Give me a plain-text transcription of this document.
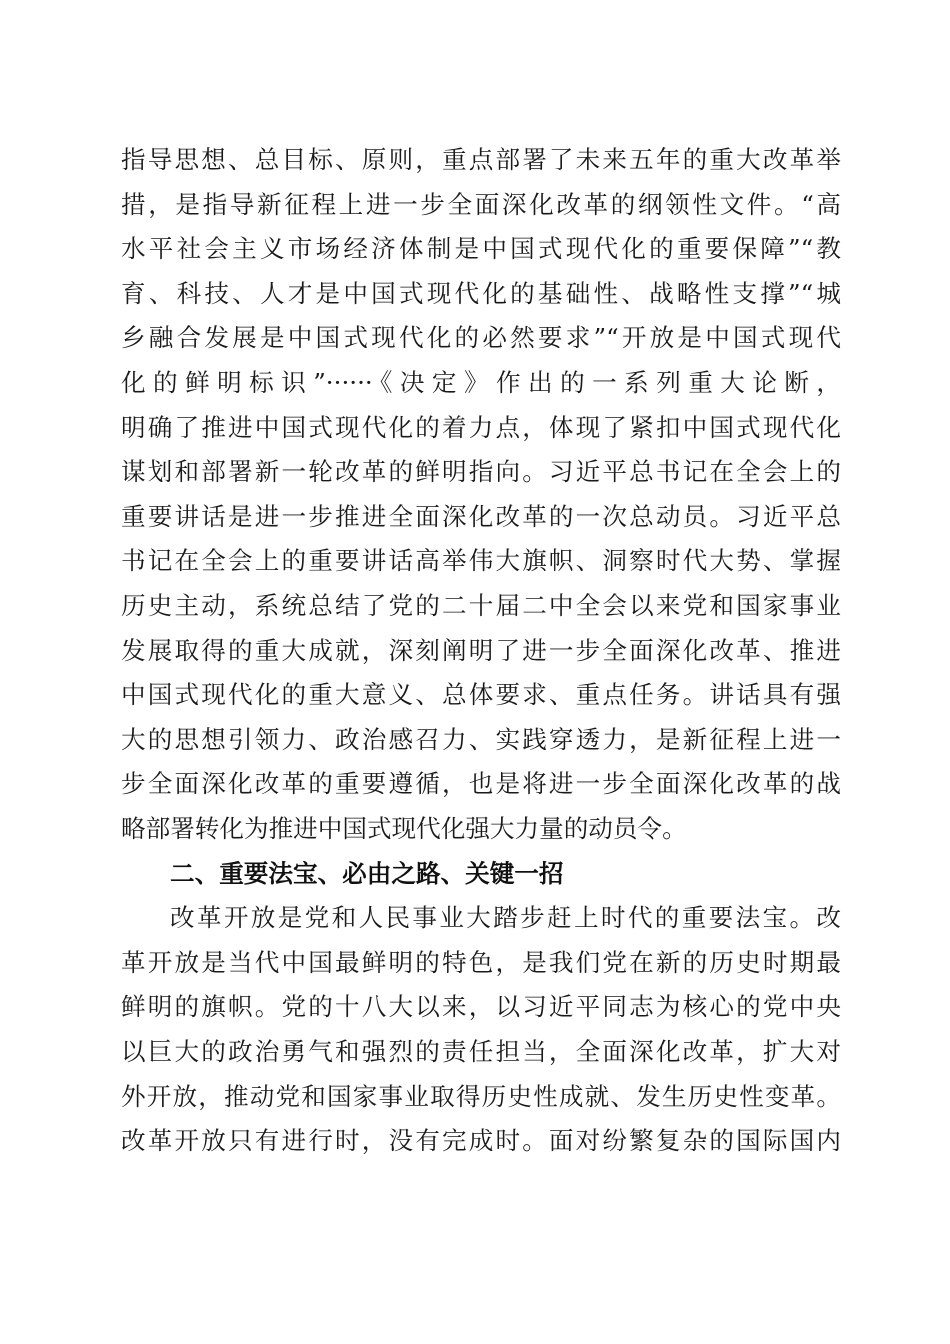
指导思想、总目标、原则，重点部署了未来五年的重大改革举
措，是指导新征程上进一步全面深化改革的纲领性文件。“高
水平社会主义市场经济体制是中国式现代化的重要保障”“教
育、科技、人才是中国式现代化的基础性、战略性支撑”“城
乡融合发展是中国式现代化的必然要求”“开放是中国式现代
化的鲜明标识”······《决定》作出的一系列重大论断，
明确了推进中国式现代化的着力点，体现了紧扣中国式现代化
谋划和部署新一轮改革的鲜明指向。习近平总书记在全会上的
重要讲话是进一步推进全面深化改革的一次总动员。习近平总
书记在全会上的重要讲话高举伟大旗帜、洞察时代大势、掌握
历史主动，系统总结了党的二十届二中全会以来党和国家事业
发展取得的重大成就，深刻阐明了进一步全面深化改革、推进
中国式现代化的重大意义、总体要求、重点任务。讲话具有强
大的思想引领力、政治感召力、实践穿透力，是新征程上进一
步全面深化改革的重要遵循，也是将进一步全面深化改革的战
略部署转化为推进中国式现代化强大力量的动员令。
二、重要法宝、必由之路、关键一招
改革开放是党和人民事业大踏步赶上时代的重要法宝。改
革开放是当代中国最鲜明的特色，是我们党在新的历史时期最
鲜明的旗帜。党的十八大以来，以习近平同志为核心的党中央
以巨大的政治勇气和强烈的责任担当，全面深化改革，扩大对
外开放，推动党和国家事业取得历史性成就、发生历史性变革。
改革开放只有进行时，没有完成时。面对纷繁复杂的国际国内
